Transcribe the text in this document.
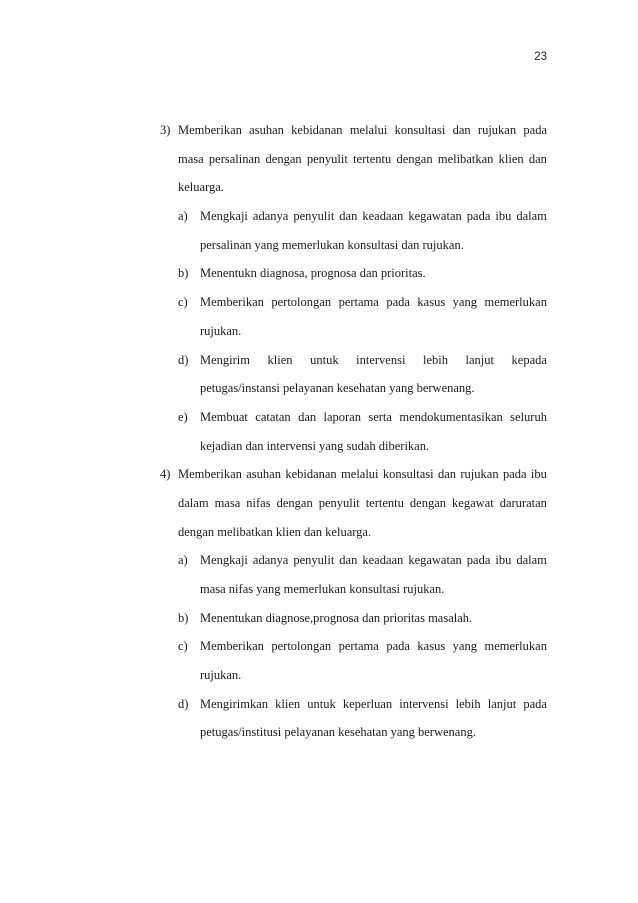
23
3) Memberikan asuhan kebidanan melalui konsultasi dan rujukan pada
masa persalinan dengan penyulit tertentu dengan melibatkan klien dan
keluarga.
a) Mengkaji adanya penyulit dan keadaan kegawatan pada ibu dalam
persalinan yang memerlukan konsultasi dan rujukan.
b) Menentukn diagnosa, prognosa dan prioritas.
c) Memberikan pertolongan pertama pada kasus yang memerlukan
rujukan.
d) Mengirim klien untuk intervensi lebih lanjut kepada
petugas/instansi pelayanan kesehatan yang berwenang.
e) Membuat catatan dan laporan serta mendokumentasikan seluruh
kejadian dan intervensi yang sudah diberikan.
4) Memberikan asuhan kebidanan melalui konsultasi dan rujukan pada ibu
dalam masa nifas dengan penyulit tertentu dengan kegawat daruratan
dengan melibatkan klien dan keluarga.
a) Mengkaji adanya penyulit dan keadaan kegawatan pada ibu dalam
masa nifas yang memerlukan konsultasi rujukan.
b) Menentukan diagnose,prognosa dan prioritas masalah.
c) Memberikan pertolongan pertama pada kasus yang memerlukan
rujukan.
d) Mengirimkan klien untuk keperluan intervensi lebih lanjut pada
petugas/institusi pelayanan kesehatan yang berwenang.
